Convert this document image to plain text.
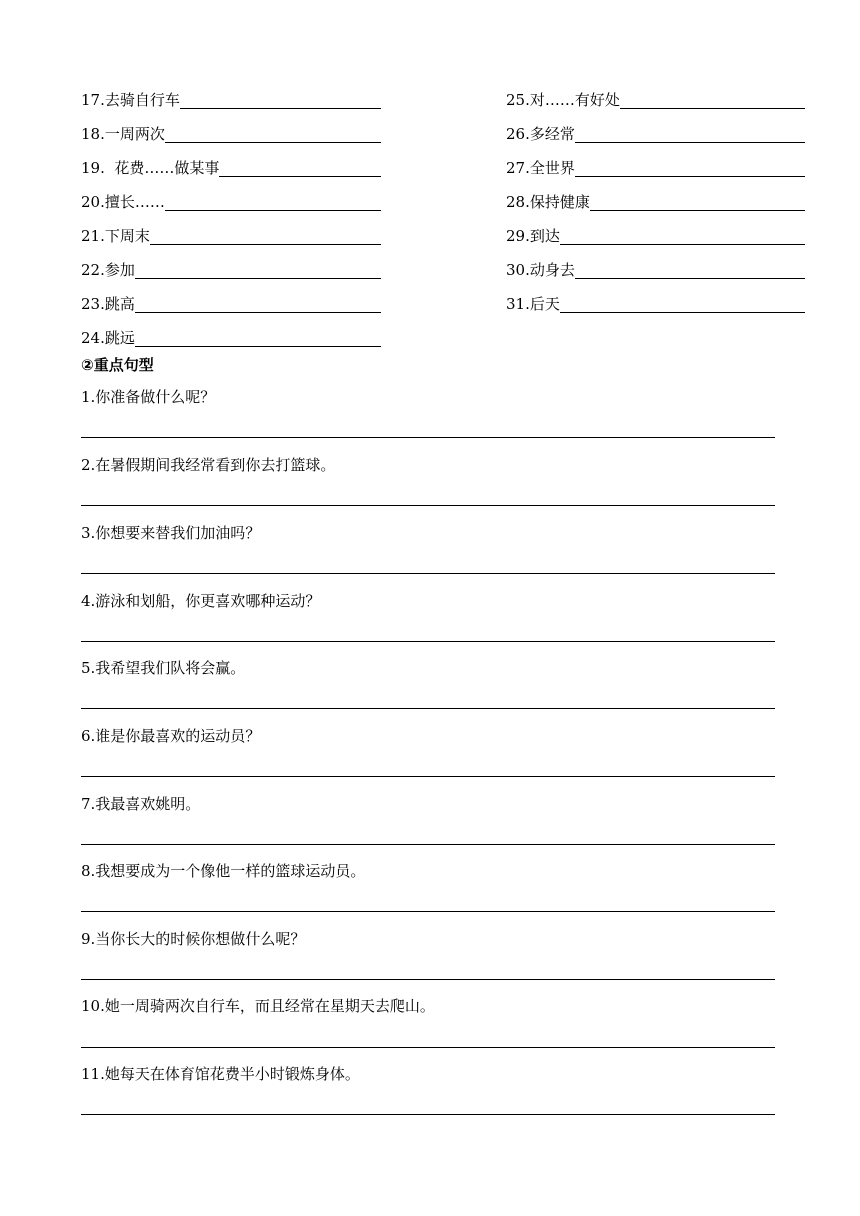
17.去骑自行车
18.一周两次
19.  花费……做某事
20.擅长……
21.下周末
22.参加
23.跳高
24.跳远
25.对……有好处
26.多经常
27.全世界
28.保持健康
29.到达
30.动身去
31.后天
②重点句型
1.你准备做什么呢？
2.在暑假期间我经常看到你去打篮球。
3.你想要来替我们加油吗？
4.游泳和划船，你更喜欢哪种运动？
5.我希望我们队将会赢。
6.谁是你最喜欢的运动员？
7.我最喜欢姚明。
8.我想要成为一个像他一样的篮球运动员。
9.当你长大的时候你想做什么呢？
10.她一周骑两次自行车，而且经常在星期天去爬山。
11.她每天在体育馆花费半小时锻炼身体。
